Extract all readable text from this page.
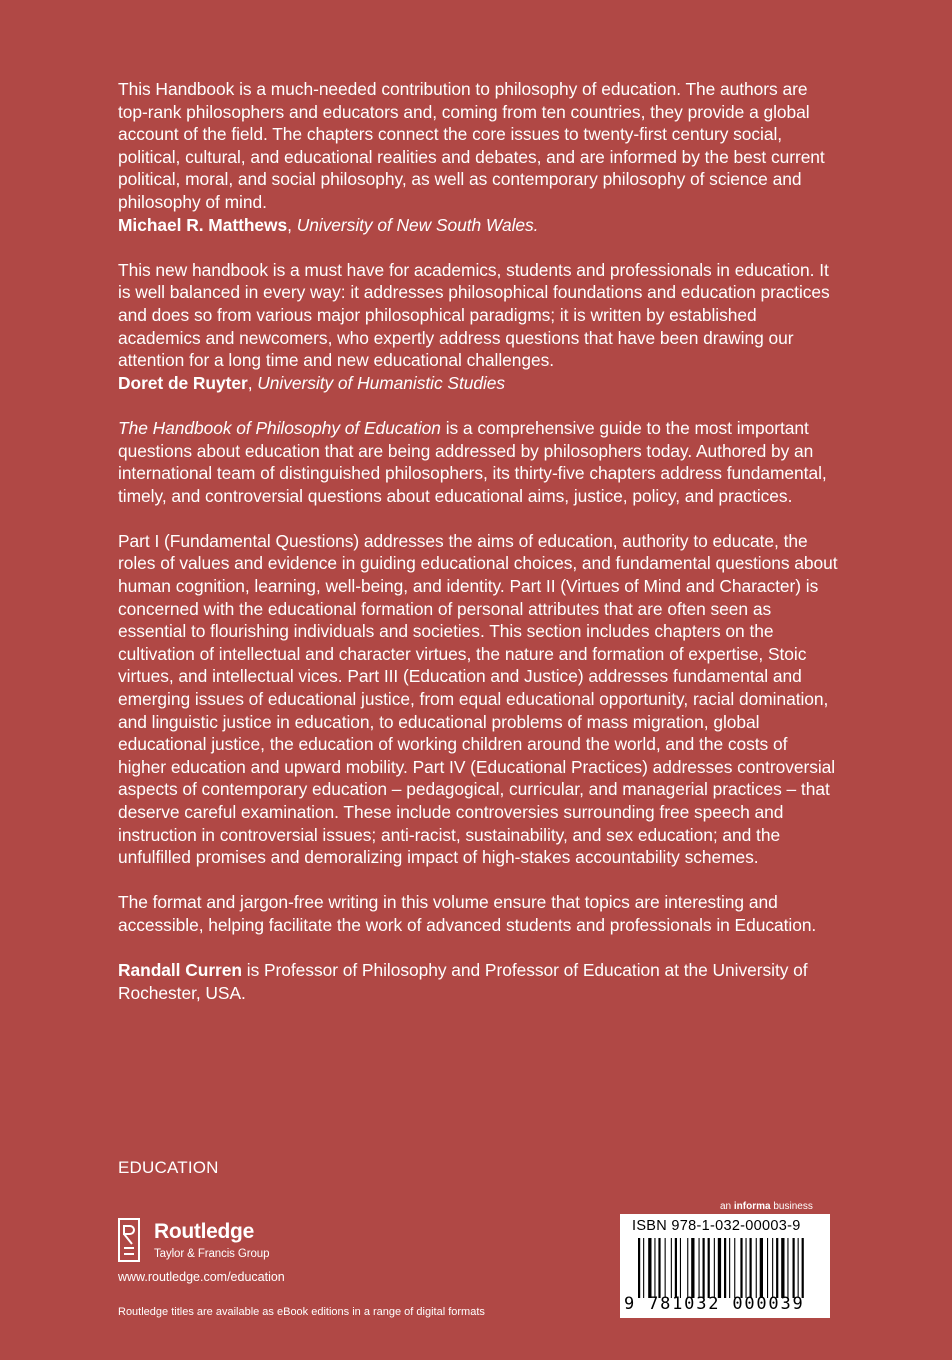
This Handbook is a much-needed contribution to philosophy of education. The authors are top-rank philosophers and educators and, coming from ten countries, they provide a global account of the field. The chapters connect the core issues to twenty-first century social, political, cultural, and educational realities and debates, and are informed by the best current political, moral, and social philosophy, as well as contemporary philosophy of science and philosophy of mind.
Michael R. Matthews, University of New South Wales.

This new handbook is a must have for academics, students and professionals in education. It is well balanced in every way: it addresses philosophical foundations and education practices and does so from various major philosophical paradigms; it is written by established academics and newcomers, who expertly address questions that have been drawing our attention for a long time and new educational challenges.
Doret de Ruyter, University of Humanistic Studies

The Handbook of Philosophy of Education is a comprehensive guide to the most important questions about education that are being addressed by philosophers today. Authored by an international team of distinguished philosophers, its thirty-five chapters address fundamental, timely, and controversial questions about educational aims, justice, policy, and practices.

Part I (Fundamental Questions) addresses the aims of education, authority to educate, the roles of values and evidence in guiding educational choices, and fundamental questions about human cognition, learning, well-being, and identity. Part II (Virtues of Mind and Character) is concerned with the educational formation of personal attributes that are often seen as essential to flourishing individuals and societies. This section includes chapters on the cultivation of intellectual and character virtues, the nature and formation of expertise, Stoic virtues, and intellectual vices. Part III (Education and Justice) addresses fundamental and emerging issues of educational justice, from equal educational opportunity, racial domination, and linguistic justice in education, to educational problems of mass migration, global educational justice, the education of working children around the world, and the costs of higher education and upward mobility. Part IV (Educational Practices) addresses controversial aspects of contemporary education – pedagogical, curricular, and managerial practices – that deserve careful examination. These include controversies surrounding free speech and instruction in controversial issues; anti-racist, sustainability, and sex education; and the unfulfilled promises and demoralizing impact of high-stakes accountability schemes.

The format and jargon-free writing in this volume ensure that topics are interesting and accessible, helping facilitate the work of advanced students and professionals in Education.

Randall Curren is Professor of Philosophy and Professor of Education at the University of Rochester, USA.

EDUCATION
Routledge
Taylor & Francis Group
www.routledge.com/education
Routledge titles are available as eBook editions in a range of digital formats
an informa business
ISBN 978-1-032-00003-9
9 781032 000039
